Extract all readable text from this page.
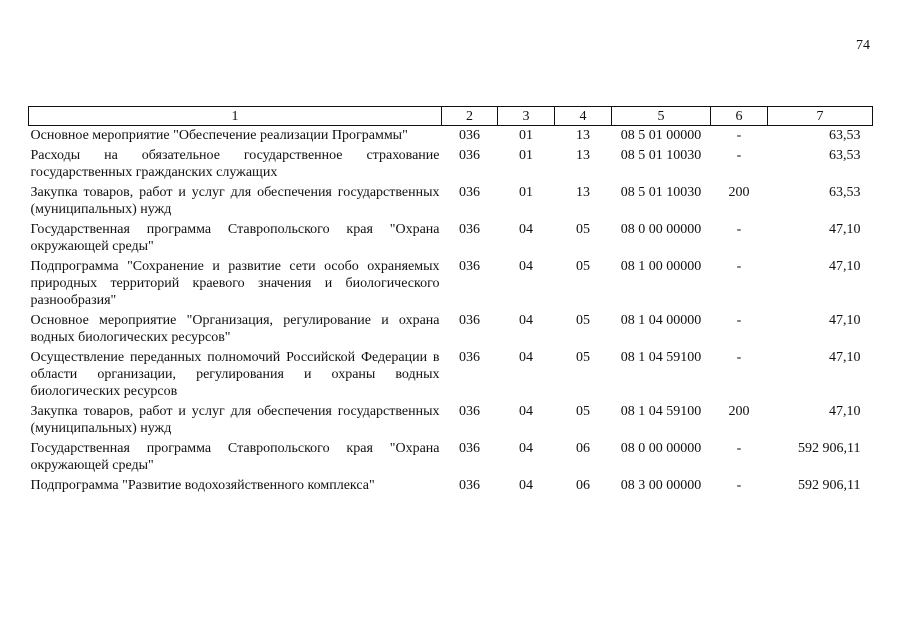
74
1	2	3	4	5	6	7
Основное мероприятие "Обеспечение реализации Программы"	036	01	13	08 5 01 00000	-	63,53
Расходы на обязательное государственное страхование государственных гражданских служащих	036	01	13	08 5 01 10030	-	63,53
Закупка товаров, работ и услуг для обеспечения государственных (муниципальных) нужд	036	01	13	08 5 01 10030	200	63,53
Государственная программа Ставропольского края "Охрана окружающей среды"	036	04	05	08 0 00 00000	-	47,10
Подпрограмма "Сохранение и развитие сети особо охраняемых природных территорий краевого значения и биологического разнообразия"	036	04	05	08 1 00 00000	-	47,10
Основное мероприятие "Организация, регулирование и охрана водных биологических ресурсов"	036	04	05	08 1 04 00000	-	47,10
Осуществление переданных полномочий Российской Федерации в области организации, регулирования и охраны водных биологических ресурсов	036	04	05	08 1 04 59100	-	47,10
Закупка товаров, работ и услуг для обеспечения государственных (муниципальных) нужд	036	04	05	08 1 04 59100	200	47,10
Государственная программа Ставропольского края "Охрана окружающей среды"	036	04	06	08 0 00 00000	-	592 906,11
Подпрограмма "Развитие водохозяйственного комплекса"	036	04	06	08 3 00 00000	-	592 906,11
